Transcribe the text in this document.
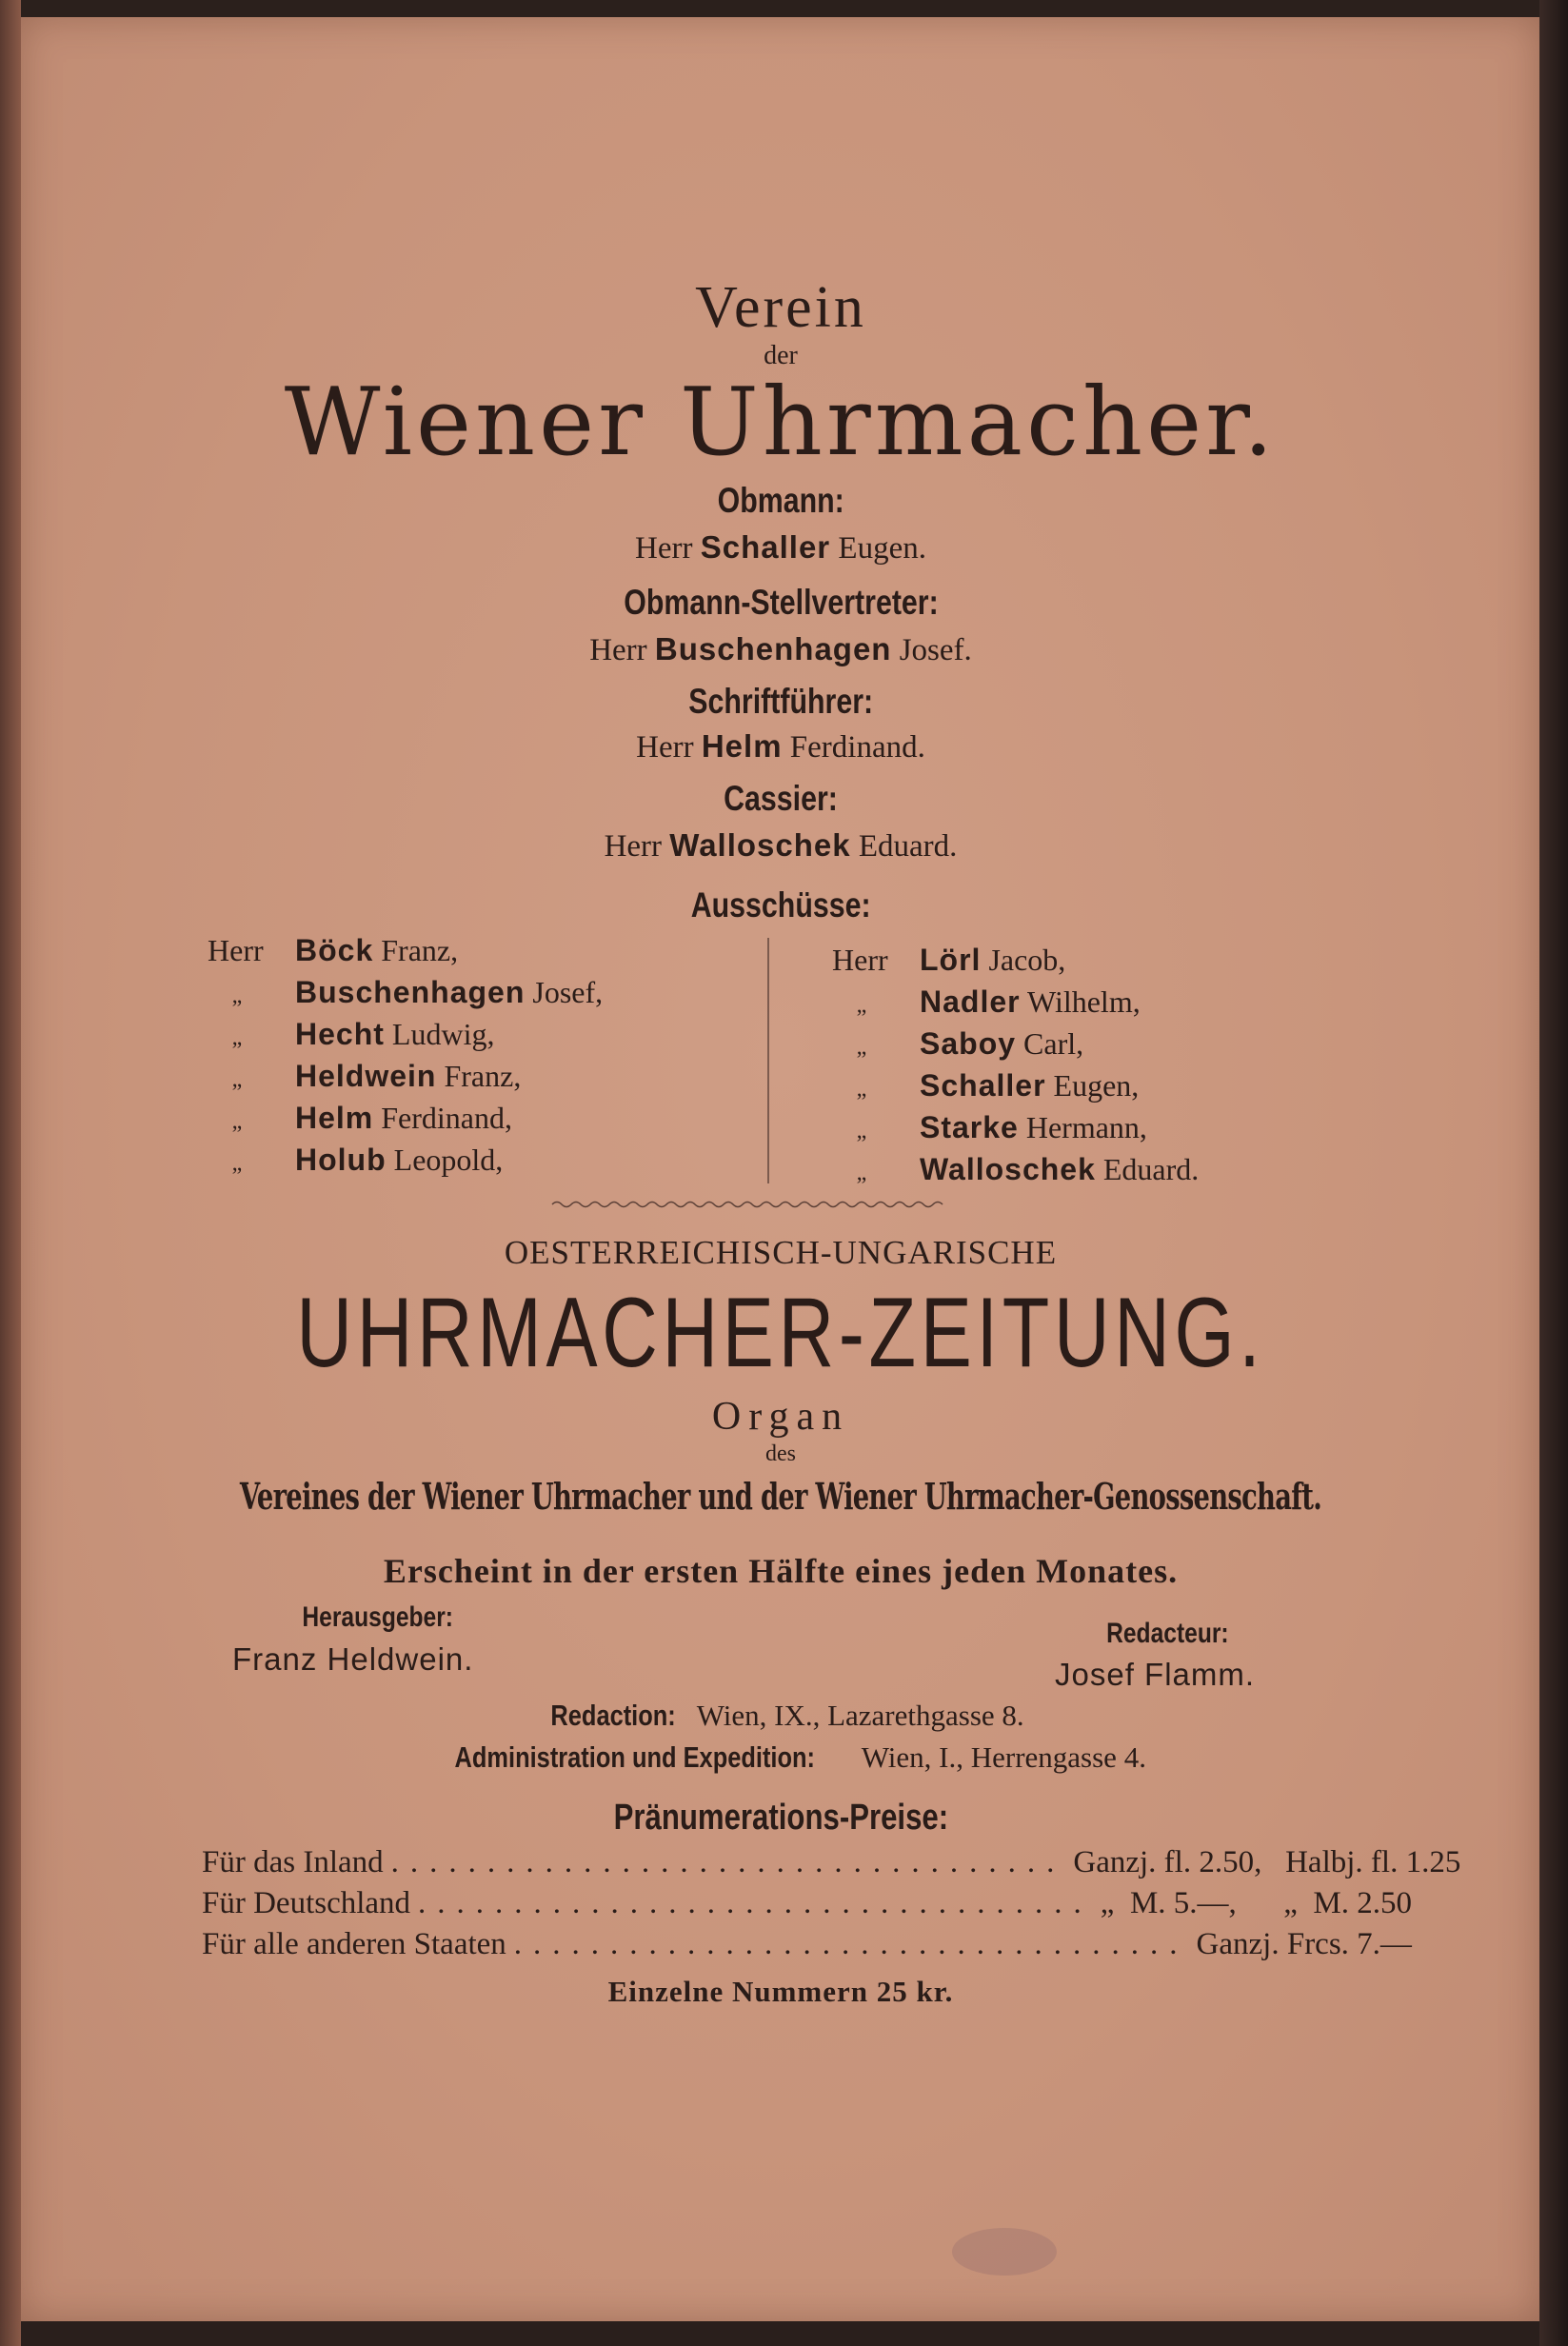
Verein
der
Wiener Uhrmacher.
Obmann:
Herr Schaller Eugen.
Obmann-Stellvertreter:
Herr Buschenhagen Josef.
Schriftführer:
Herr Helm Ferdinand.
Cassier:
Herr Walloschek Eduard.
Ausschüsse:
Herr Böck Franz,
„ Buschenhagen Josef,
„ Hecht Ludwig,
„ Heldwein Franz,
„ Helm Ferdinand,
„ Holub Leopold,
Herr Lörl Jacob,
„ Nadler Wilhelm,
„ Saboy Carl,
„ Schaller Eugen,
„ Starke Hermann,
„ Walloschek Eduard.
OESTERREICHISCH-UNGARISCHE
UHRMACHER-ZEITUNG.
Organ
des
Vereines der Wiener Uhrmacher und der Wiener Uhrmacher-Genossenschaft.
Erscheint in der ersten Hälfte eines jeden Monates.
Herausgeber:
Franz Heldwein.
Redacteur:
Josef Flamm.
Redaction: Wien, IX., Lazarethgasse 8.
Administration und Expedition: Wien, I., Herrengasse 4.
Pränumerations-Preise:
Für das Inland ................................... Ganzj. fl. 2.50,   Halbj. fl. 1.25
Für Deutschland ................................... „  M. 5.—,      „  M. 2.50
Für alle anderen Staaten ................................... Ganzj. Frcs. 7.—
Einzelne Nummern 25 kr.
